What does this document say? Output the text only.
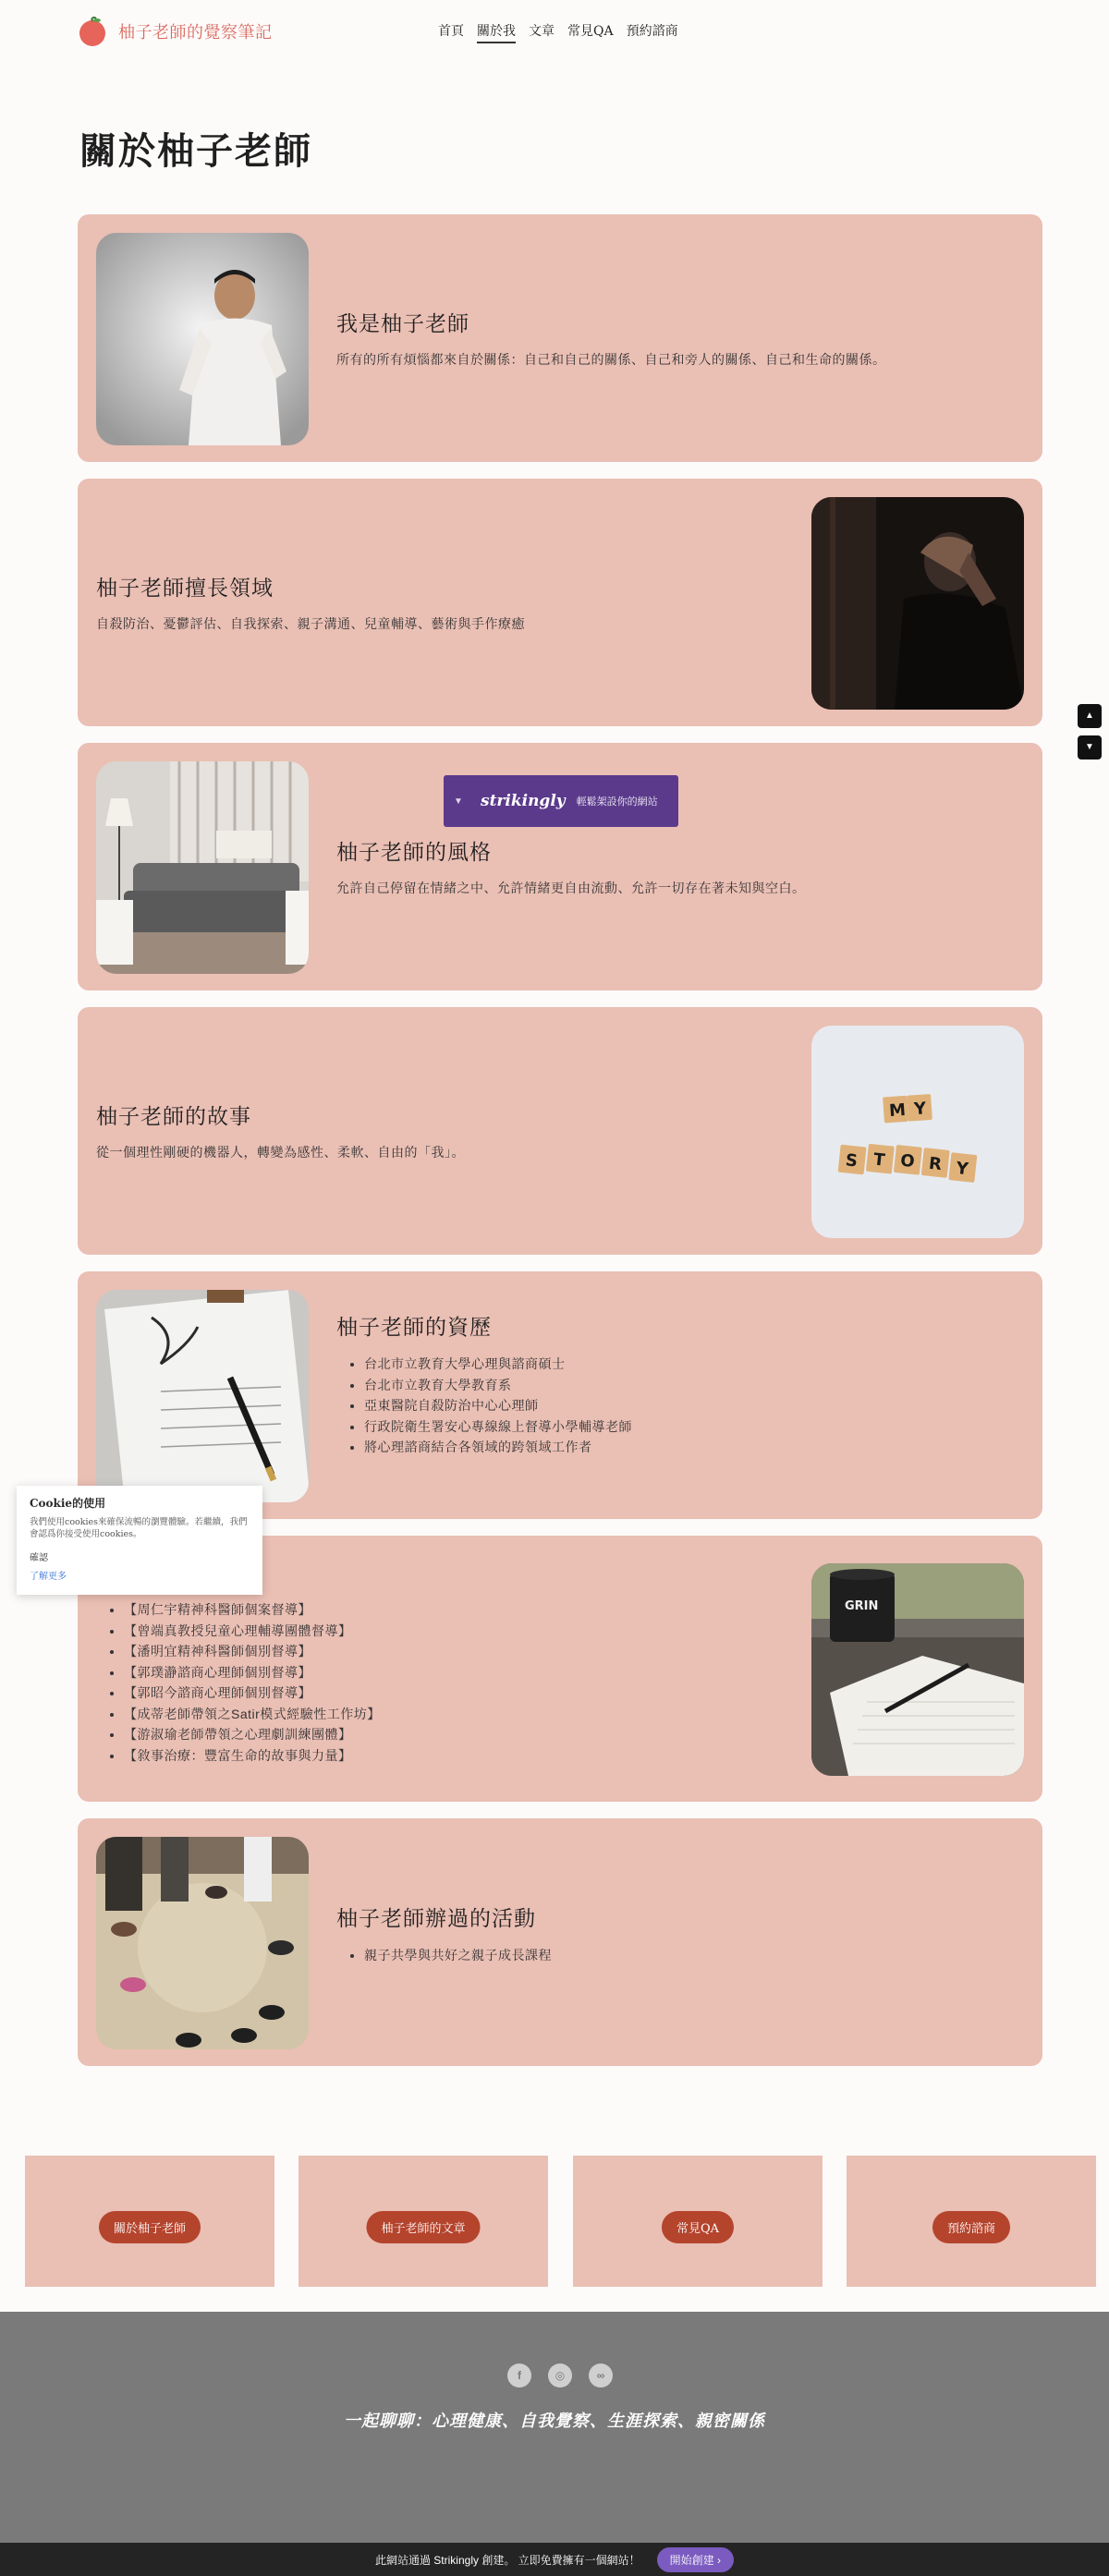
柚子老師的覺察筆記	首頁 關於我 文章 常見QA 預約諮商
關於柚子老師
我是柚子老師
所有的所有煩惱都來自於關係：自己和自己的關係、自己和旁人的關係、自己和生命的關係。
柚子老師擅長領域
自殺防治、憂鬱評估、自我探索、親子溝通、兒童輔導、藝術與手作療癒
柚子老師的風格
允許自己停留在情緒之中、允許情緒更自由流動、允許一切存在著未知與空白。
柚子老師的故事
從一個理性剛硬的機器人，轉變為感性、柔軟、自由的「我」。
M Y
S T O R Y
柚子老師的資歷
• 台北市立教育大學心理與諮商碩士
• 台北市立教育大學教育系
• 亞東醫院自殺防治中心心理師
• 行政院衛生署安心專線線上督導小學輔導老師
• 將心理諮商結合各領域的跨領域工作者
• 【周仁宇精神科醫師個案督導】
• 【曾端真教授兒童心理輔導團體督導】
• 【潘明宜精神科醫師個別督導】
• 【郭璞瀞諮商心理師個別督導】
• 【郭昭今諮商心理師個別督導】
• 【成蒂老師帶領之Satir模式經驗性工作坊】
• 【游淑瑜老師帶領之心理劇訓練團體】
• 【敘事治療：豐富生命的故事與力量】
GRIN
柚子老師辦過的活動
• 親子共學與共好之親子成長課程
▼	strikingly 輕鬆架設你的網站
▲
▼
Cookie的使用
我們使用cookies來確保流暢的瀏覽體驗。若繼續，我們會認爲你接受使用cookies。
確認
了解更多
關於柚子老師	柚子老師的文章	常見QA	預約諮商
f	◎	∞
一起聊聊：心理健康、自我覺察、生涯探索、親密關係
此網站通過 Strikingly 創建。 立即免費擁有一個網站！	開始創建 ›
